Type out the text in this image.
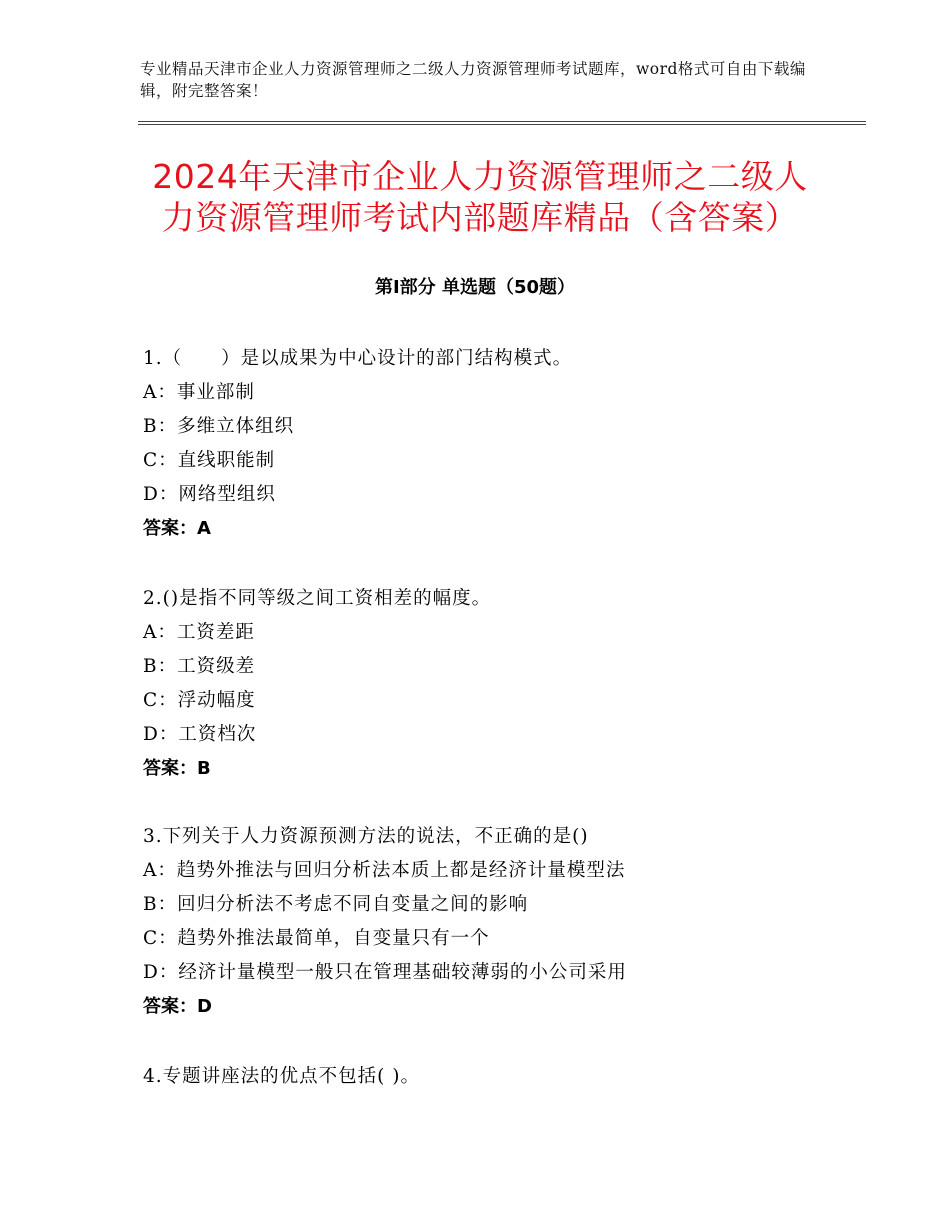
专业精品天津市企业人力资源管理师之二级人力资源管理师考试题库，word格式可自由下载编辑，附完整答案！
2024年天津市企业人力资源管理师之二级人力资源管理师考试内部题库精品（含答案）
第Ⅰ部分 单选题（50题）
1.（　　）是以成果为中心设计的部门结构模式。
A：事业部制
B：多维立体组织
C：直线职能制
D：网络型组织
答案：A
2.()是指不同等级之间工资相差的幅度。
A：工资差距
B：工资级差
C：浮动幅度
D：工资档次
答案：B
3.下列关于人力资源预测方法的说法，不正确的是()
A：趋势外推法与回归分析法本质上都是经济计量模型法
B：回归分析法不考虑不同自变量之间的影响
C：趋势外推法最简单，自变量只有一个
D：经济计量模型一般只在管理基础较薄弱的小公司采用
答案：D
4.专题讲座法的优点不包括( )。
